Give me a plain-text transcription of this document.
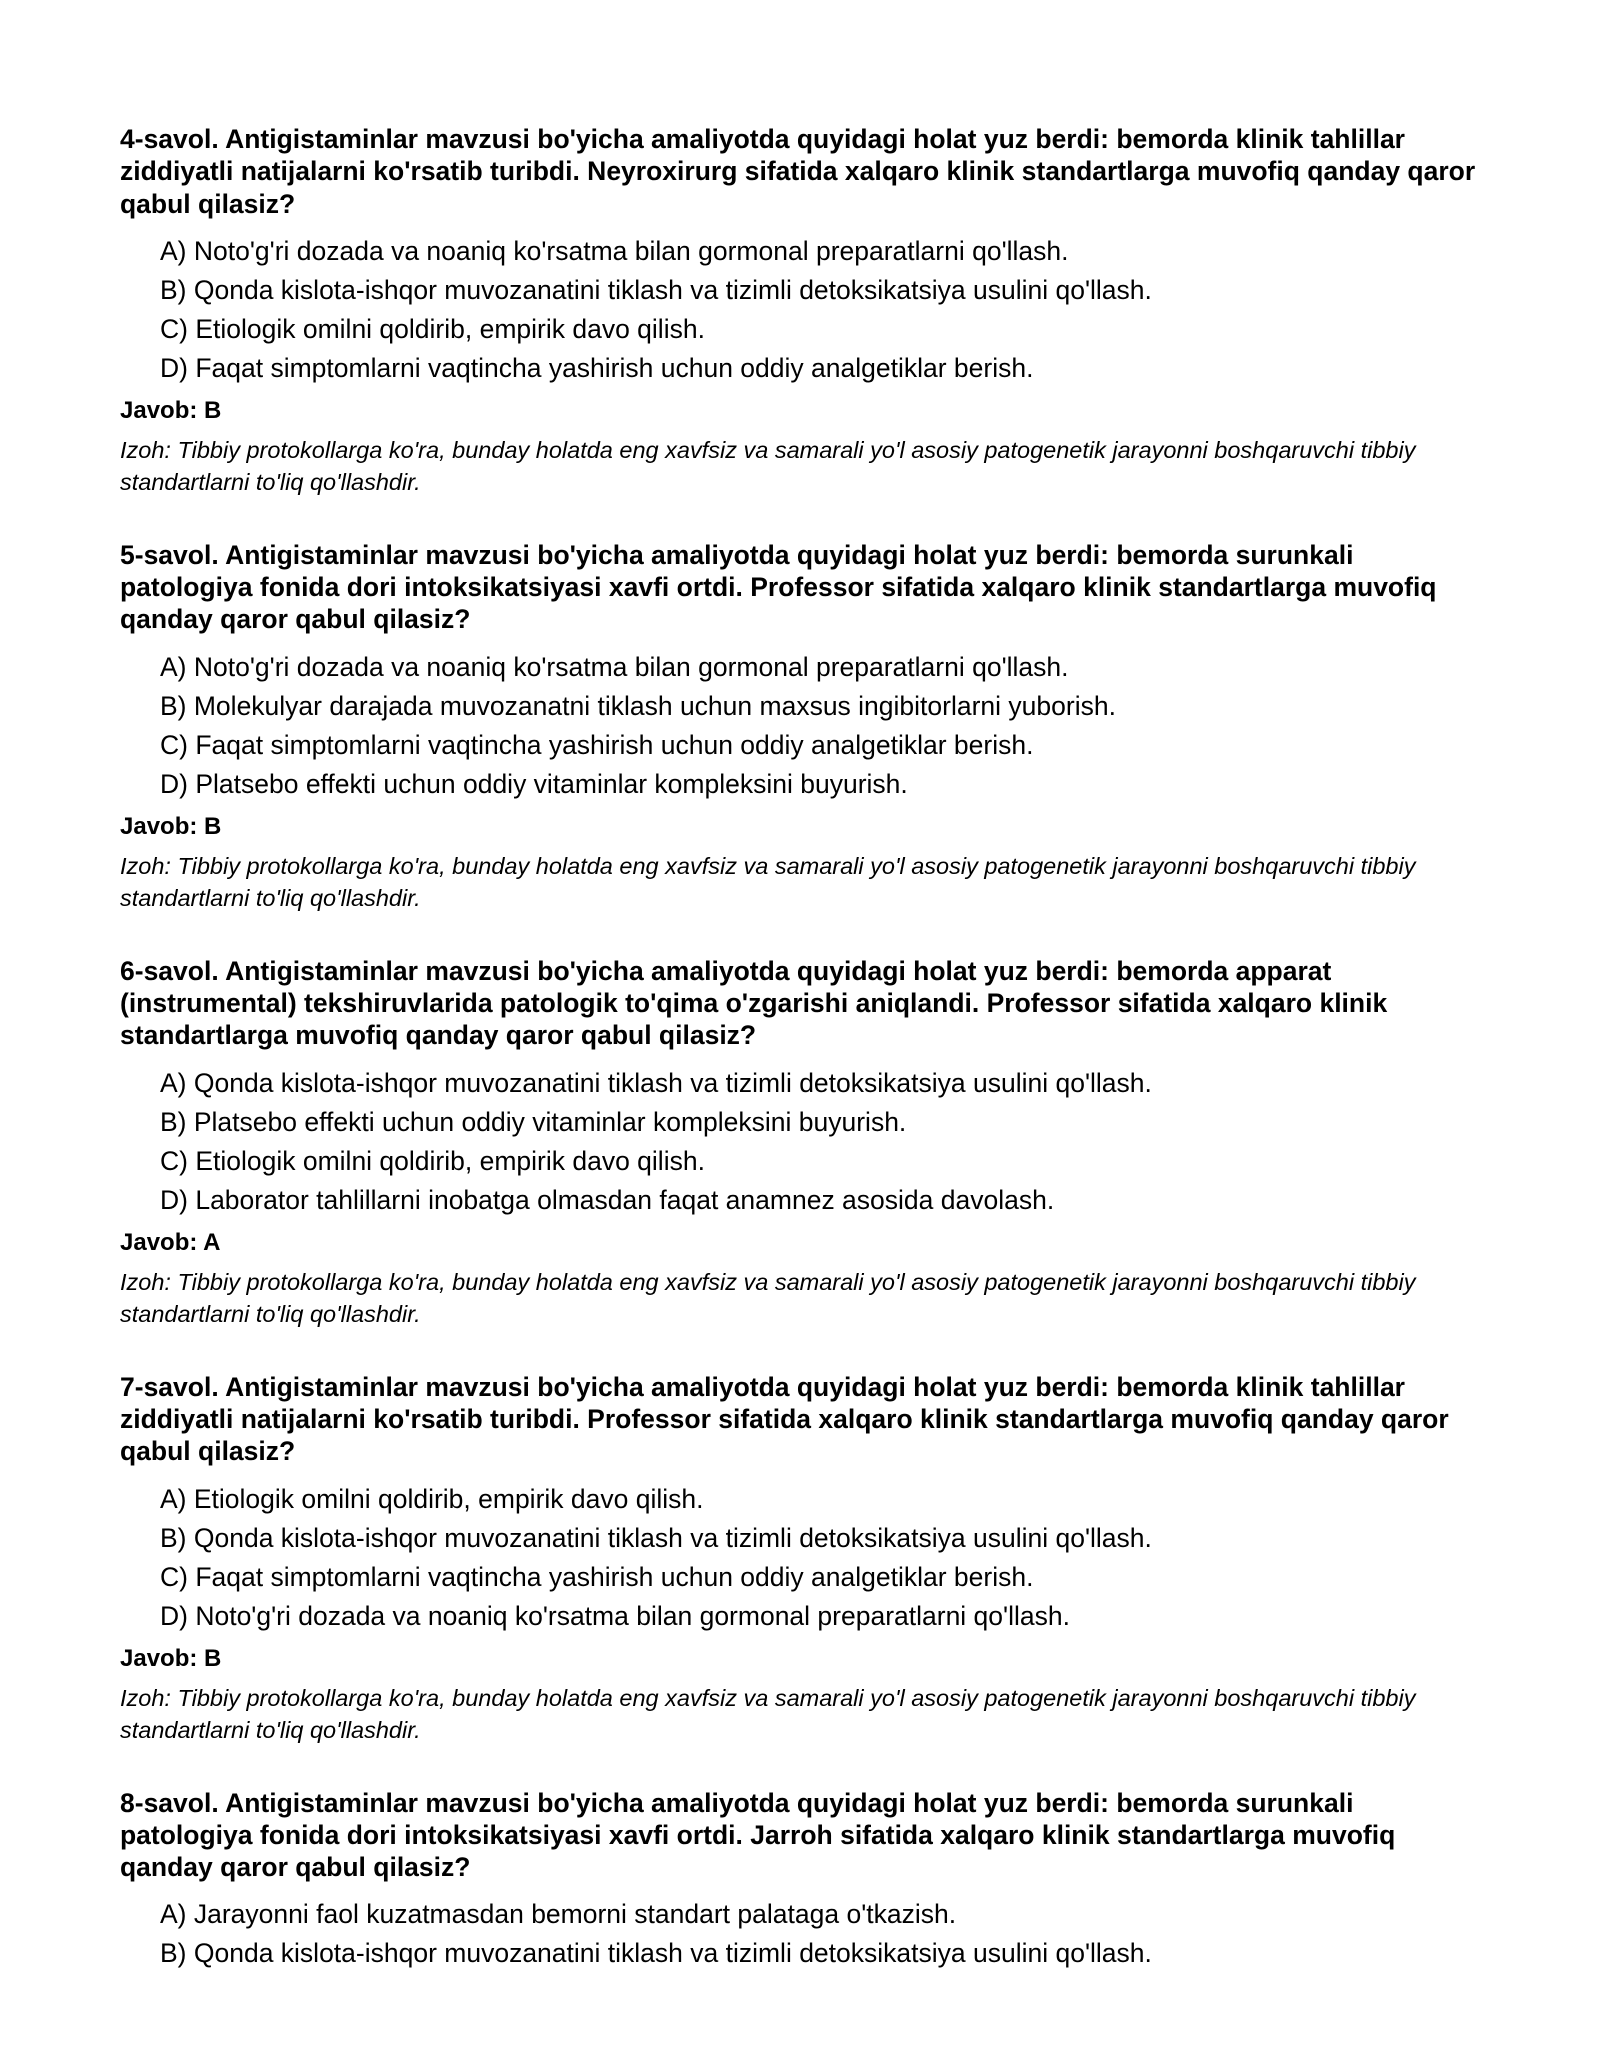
4-savol. Antigistaminlar mavzusi bo'yicha amaliyotda quyidagi holat yuz berdi: bemorda klinik tahlillar ziddiyatli natijalarni ko'rsatib turibdi. Neyroxirurg sifatida xalqaro klinik standartlarga muvofiq qanday qaror qabul qilasiz?
A) Noto'g'ri dozada va noaniq ko'rsatma bilan gormonal preparatlarni qo'llash.
B) Qonda kislota-ishqor muvozanatini tiklash va tizimli detoksikatsiya usulini qo'llash.
C) Etiologik omilni qoldirib, empirik davo qilish.
D) Faqat simptomlarni vaqtincha yashirish uchun oddiy analgetiklar berish.
Javob: B
Izoh: Tibbiy protokollarga ko'ra, bunday holatda eng xavfsiz va samarali yo'l asosiy patogenetik jarayonni boshqaruvchi tibbiy standartlarni to'liq qo'llashdir.
5-savol. Antigistaminlar mavzusi bo'yicha amaliyotda quyidagi holat yuz berdi: bemorda surunkali patologiya fonida dori intoksikatsiyasi xavfi ortdi. Professor sifatida xalqaro klinik standartlarga muvofiq qanday qaror qabul qilasiz?
A) Noto'g'ri dozada va noaniq ko'rsatma bilan gormonal preparatlarni qo'llash.
B) Molekulyar darajada muvozanatni tiklash uchun maxsus ingibitorlarni yuborish.
C) Faqat simptomlarni vaqtincha yashirish uchun oddiy analgetiklar berish.
D) Platsebo effekti uchun oddiy vitaminlar kompleksini buyurish.
Javob: B
Izoh: Tibbiy protokollarga ko'ra, bunday holatda eng xavfsiz va samarali yo'l asosiy patogenetik jarayonni boshqaruvchi tibbiy standartlarni to'liq qo'llashdir.
6-savol. Antigistaminlar mavzusi bo'yicha amaliyotda quyidagi holat yuz berdi: bemorda apparat (instrumental) tekshiruvlarida patologik to'qima o'zgarishi aniqlandi. Professor sifatida xalqaro klinik standartlarga muvofiq qanday qaror qabul qilasiz?
A) Qonda kislota-ishqor muvozanatini tiklash va tizimli detoksikatsiya usulini qo'llash.
B) Platsebo effekti uchun oddiy vitaminlar kompleksini buyurish.
C) Etiologik omilni qoldirib, empirik davo qilish.
D) Laborator tahlillarni inobatga olmasdan faqat anamnez asosida davolash.
Javob: A
Izoh: Tibbiy protokollarga ko'ra, bunday holatda eng xavfsiz va samarali yo'l asosiy patogenetik jarayonni boshqaruvchi tibbiy standartlarni to'liq qo'llashdir.
7-savol. Antigistaminlar mavzusi bo'yicha amaliyotda quyidagi holat yuz berdi: bemorda klinik tahlillar ziddiyatli natijalarni ko'rsatib turibdi. Professor sifatida xalqaro klinik standartlarga muvofiq qanday qaror qabul qilasiz?
A) Etiologik omilni qoldirib, empirik davo qilish.
B) Qonda kislota-ishqor muvozanatini tiklash va tizimli detoksikatsiya usulini qo'llash.
C) Faqat simptomlarni vaqtincha yashirish uchun oddiy analgetiklar berish.
D) Noto'g'ri dozada va noaniq ko'rsatma bilan gormonal preparatlarni qo'llash.
Javob: B
Izoh: Tibbiy protokollarga ko'ra, bunday holatda eng xavfsiz va samarali yo'l asosiy patogenetik jarayonni boshqaruvchi tibbiy standartlarni to'liq qo'llashdir.
8-savol. Antigistaminlar mavzusi bo'yicha amaliyotda quyidagi holat yuz berdi: bemorda surunkali patologiya fonida dori intoksikatsiyasi xavfi ortdi. Jarroh sifatida xalqaro klinik standartlarga muvofiq qanday qaror qabul qilasiz?
A) Jarayonni faol kuzatmasdan bemorni standart palataga o'tkazish.
B) Qonda kislota-ishqor muvozanatini tiklash va tizimli detoksikatsiya usulini qo'llash.
